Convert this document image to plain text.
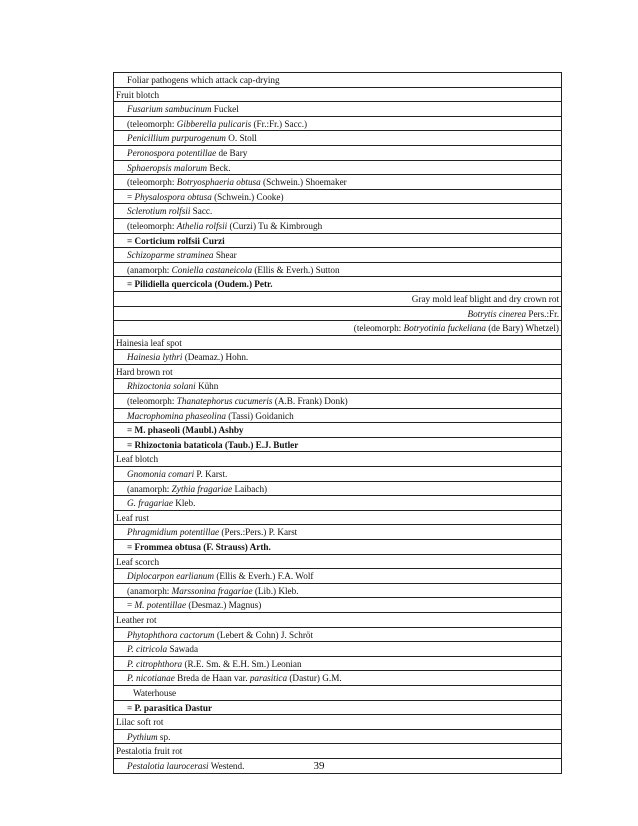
Foliar pathogens which attack cap-drying
Fruit blotch
Fusarium sambucinum Fuckel
(teleomorph: Gibberella pulicaris (Fr.:Fr.) Sacc.)
Penicillium purpurogenum O. Stoll
Peronospora potentillae de Bary
Sphaeropsis malorum Beck.
(teleomorph: Botryosphaeria obtusa (Schwein.) Shoemaker
= Physalospora obtusa (Schwein.) Cooke)
Sclerotium rolfsii Sacc.
(teleomorph: Athelia rolfsii (Curzi) Tu & Kimbrough
= Corticium rolfsii Curzi
Schizoparme straminea Shear
(anamorph: Coniella castaneicola (Ellis & Everh.) Sutton
= Pilidiella quercicola (Oudem.) Petr.
Gray mold leaf blight and dry crown rot
Botrytis cinerea Pers.:Fr.
(teleomorph: Botryotinia fuckeliana (de Bary) Whetzel)
Hainesia leaf spot
Hainesia lythri (Deamaz.) Hohn.
Hard brown rot
Rhizoctonia solani Kühn
(teleomorph: Thanatephorus cucumeris (A.B. Frank) Donk)
Macrophomina phaseolina (Tassi) Goidanich
= M. phaseoli (Maubl.) Ashby
= Rhizoctonia bataticola (Taub.) E.J. Butler
Leaf blotch
Gnomonia comari P. Karst.
(anamorph: Zythia fragariae Laibach)
G. fragariae Kleb.
Leaf rust
Phragmidium potentillae (Pers.:Pers.) P. Karst
= Frommea obtusa (F. Strauss) Arth.
Leaf scorch
Diplocarpon earlianum (Ellis & Everh.) F.A. Wolf
(anamorph: Marssonina fragariae (Lib.) Kleb.
= M. potentillae (Desmaz.) Magnus)
Leather rot
Phytophthora cactorum (Lebert & Cohn) J. Schröt
P. citricola Sawada
P. citrophthora (R.E. Sm. & E.H. Sm.) Leonian
P. nicotianae Breda de Haan var. parasitica (Dastur) G.M.
Waterhouse
= P. parasitica Dastur
Lilac soft rot
Pythium sp.
Pestalotia fruit rot
Pestalotia laurocerasi Westend.	39
